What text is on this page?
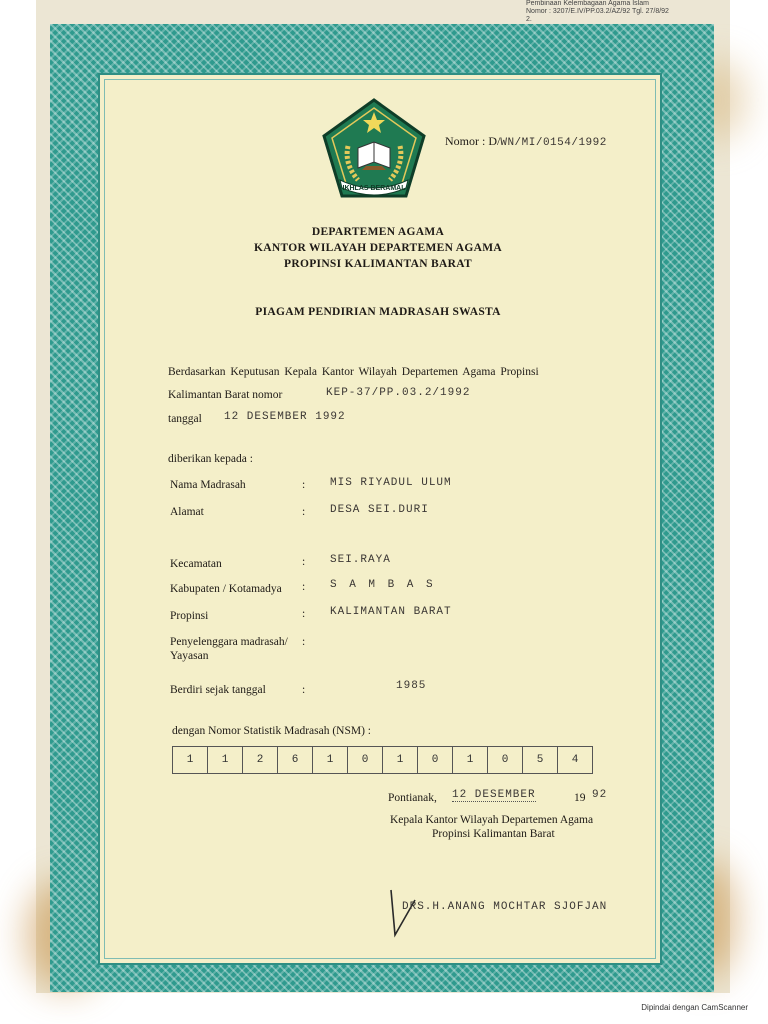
Pembinaan Kelembagaan Agama Islam
Nomor : 3207/E.IV/PP.03.2/AZ/92 Tgl. 27/8/92
2.
IKHLAS BERAMAL
Nomor : D/WN/MI/0154/1992
DEPARTEMEN AGAMA
KANTOR WILAYAH DEPARTEMEN AGAMA
PROPINSI KALIMANTAN BARAT
PIAGAM PENDIRIAN MADRASAH SWASTA
Berdasarkan Keputusan Kepala Kantor Wilayah Departemen Agama Propinsi
Kalimantan Barat nomor	KEP-37/PP.03.2/1992
tanggal 12 DESEMBER 1992
diberikan kepada :
Nama Madrasah	: MIS RIYADUL ULUM
Alamat	: DESA SEI.DURI
Kecamatan	: SEI.RAYA
Kabupaten / Kotamadya : S A M B A S
Propinsi	: KALIMANTAN BARAT
Penyelenggara madrasah/ :
Yayasan
Berdiri sejak tanggal	:	1985
dengan Nomor Statistik Madrasah (NSM) :
1	1	2	6	1	0	1	0	1	0	5	4
Pontianak, 12 DESEMBER	19 92
Kepala Kantor Wilayah Departemen Agama
Propinsi Kalimantan Barat
DRS.H.ANANG MOCHTAR SJOFJAN
Dipindai dengan CamScanner
